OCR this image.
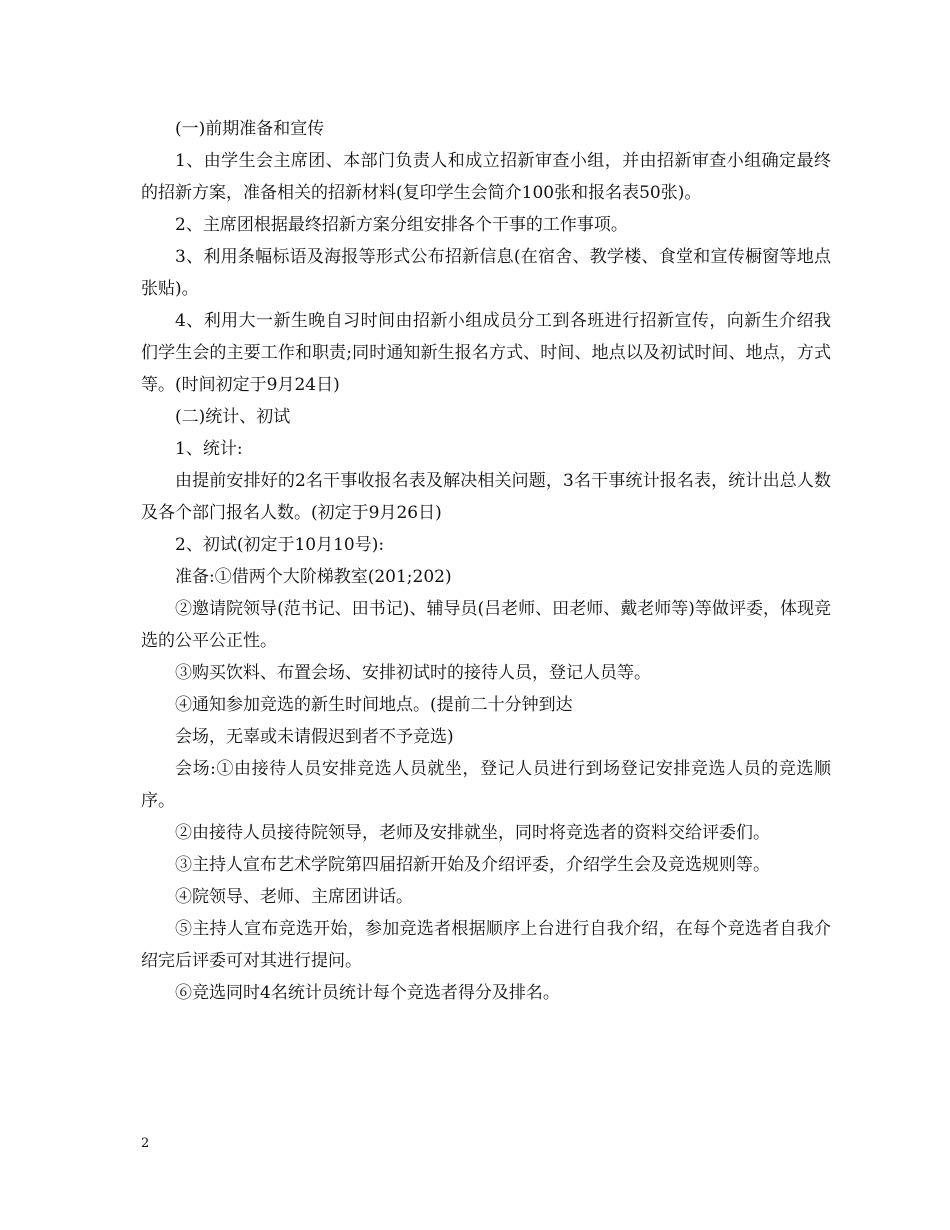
(一)前期准备和宣传

1、由学生会主席团、本部门负责人和成立招新审查小组，并由招新审查小组确定最终的招新方案，准备相关的招新材料(复印学生会简介100张和报名表50张)。

2、主席团根据最终招新方案分组安排各个干事的工作事项。

3、利用条幅标语及海报等形式公布招新信息(在宿舍、教学楼、食堂和宣传橱窗等地点张贴)。

4、利用大一新生晚自习时间由招新小组成员分工到各班进行招新宣传，向新生介绍我们学生会的主要工作和职责;同时通知新生报名方式、时间、地点以及初试时间、地点，方式等。(时间初定于9月24日)

(二)统计、初试

1、统计:

由提前安排好的2名干事收报名表及解决相关问题，3名干事统计报名表，统计出总人数及各个部门报名人数。(初定于9月26日)

2、初试(初定于10月10号):

准备:①借两个大阶梯教室(201;202)

②邀请院领导(范书记、田书记)、辅导员(吕老师、田老师、戴老师等)等做评委，体现竞选的公平公正性。

③购买饮料、布置会场、安排初试时的接待人员，登记人员等。

④通知参加竞选的新生时间地点。(提前二十分钟到达

会场，无辜或未请假迟到者不予竞选)

会场:①由接待人员安排竞选人员就坐，登记人员进行到场登记安排竞选人员的竞选顺序。

②由接待人员接待院领导，老师及安排就坐，同时将竞选者的资料交给评委们。

③主持人宣布艺术学院第四届招新开始及介绍评委，介绍学生会及竞选规则等。

④院领导、老师、主席团讲话。

⑤主持人宣布竞选开始，参加竞选者根据顺序上台进行自我介绍，在每个竞选者自我介绍完后评委可对其进行提问。

⑥竞选同时4名统计员统计每个竞选者得分及排名。

2
